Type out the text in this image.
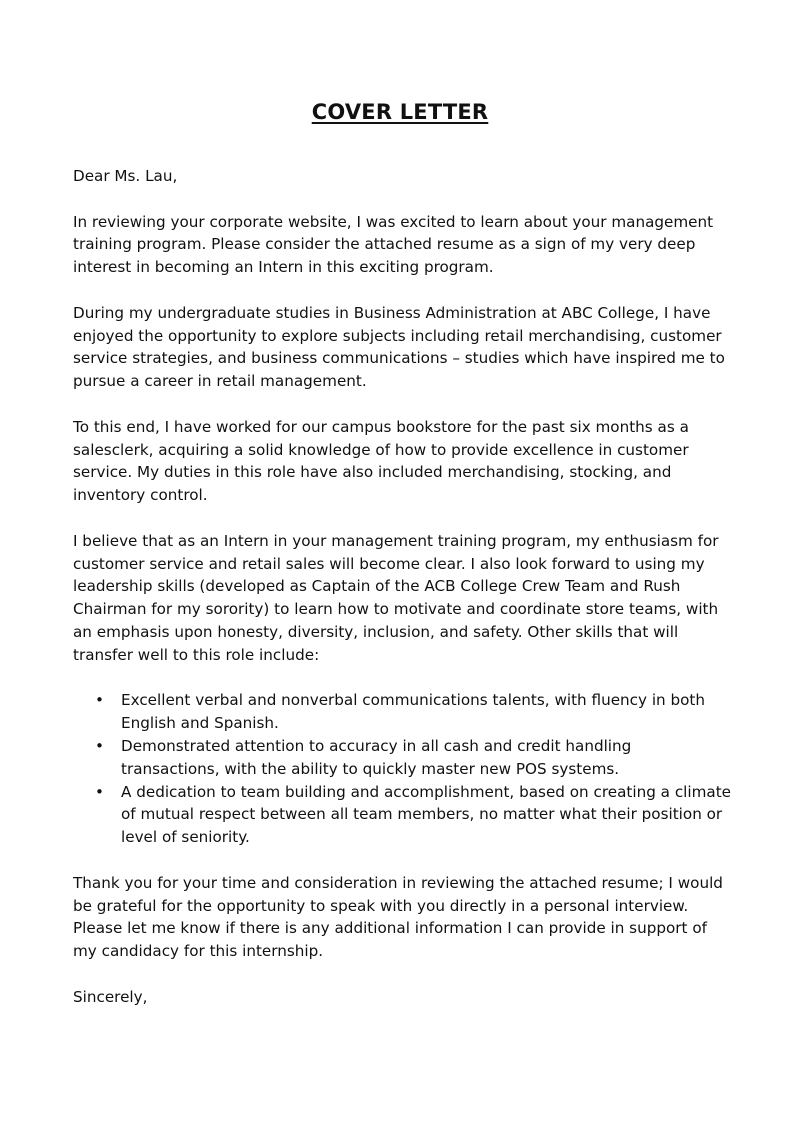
COVER LETTER

Dear Ms. Lau,

In reviewing your corporate website, I was excited to learn about your management training program. Please consider the attached resume as a sign of my very deep interest in becoming an Intern in this exciting program.

During my undergraduate studies in Business Administration at ABC College, I have enjoyed the opportunity to explore subjects including retail merchandising, customer service strategies, and business communications – studies which have inspired me to pursue a career in retail management.

To this end, I have worked for our campus bookstore for the past six months as a salesclerk, acquiring a solid knowledge of how to provide excellence in customer service. My duties in this role have also included merchandising, stocking, and inventory control.

I believe that as an Intern in your management training program, my enthusiasm for customer service and retail sales will become clear. I also look forward to using my leadership skills (developed as Captain of the ACB College Crew Team and Rush Chairman for my sorority) to learn how to motivate and coordinate store teams, with an emphasis upon honesty, diversity, inclusion, and safety. Other skills that will transfer well to this role include:

• Excellent verbal and nonverbal communications talents, with fluency in both English and Spanish.
• Demonstrated attention to accuracy in all cash and credit handling transactions, with the ability to quickly master new POS systems.
• A dedication to team building and accomplishment, based on creating a climate of mutual respect between all team members, no matter what their position or level of seniority.

Thank you for your time and consideration in reviewing the attached resume; I would be grateful for the opportunity to speak with you directly in a personal interview. Please let me know if there is any additional information I can provide in support of my candidacy for this internship.

Sincerely,
